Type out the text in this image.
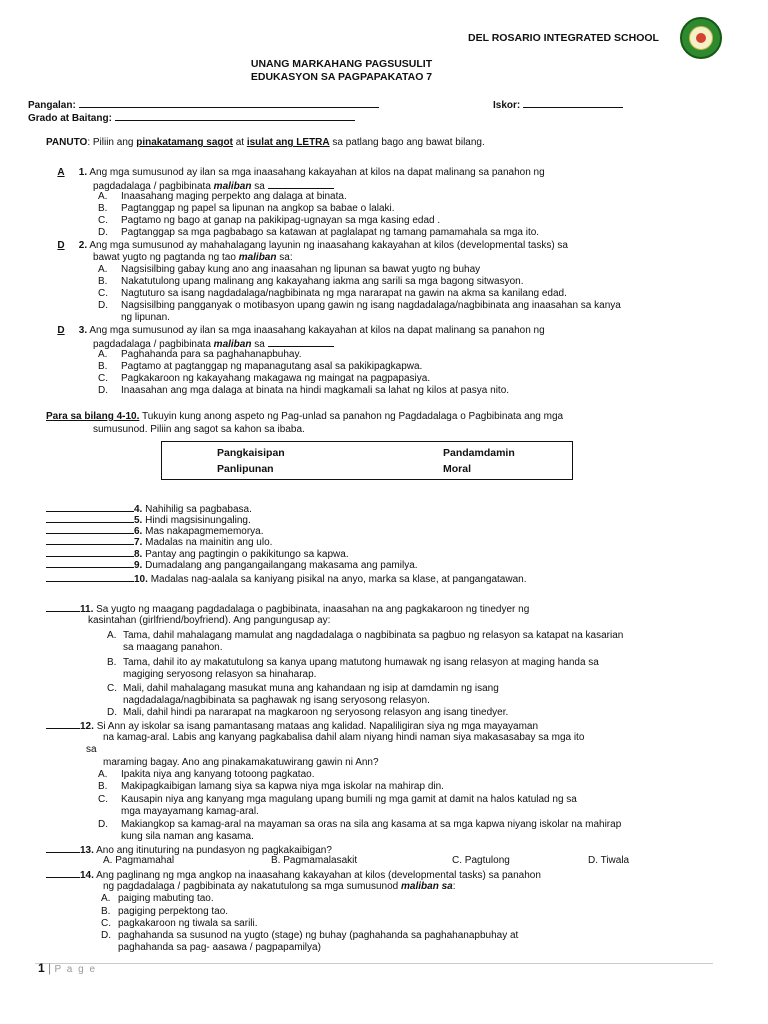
DEL ROSARIO INTEGRATED SCHOOL
UNANG MARKAHANG PAGSUSULIT
EDUKASYON SA PAGPAPAKATAO 7
Pangalan:	Iskor:
Grado at Baitang:
PANUTO: Piliin ang pinakatamang sagot at isulat ang LETRA sa patlang bago ang bawat bilang.
A 1. Ang mga sumusunod ay ilan sa mga inaasahang kakayahan at kilos na dapat malinang sa panahon ng
pagdadalaga / pagbibinata maliban sa
A. Inaasahang maging perpekto ang dalaga at binata.
B. Pagtanggap ng papel sa lipunan na angkop sa babae o lalaki.
C. Pagtamo ng bago at ganap na pakikipag-ugnayan sa mga kasing edad .
D. Pagtanggap sa mga pagbabago sa katawan at paglalapat ng tamang pamamahala sa mga ito.
D 2. Ang mga sumusunod ay mahahalagang layunin ng inaasahang kakayahan at kilos (developmental tasks) sa
bawat yugto ng pagtanda ng tao maliban sa:
A. Nagsisilbing gabay kung ano ang inaasahan ng lipunan sa bawat yugto ng buhay
B. Nakatutulong upang malinang ang kakayahang iakma ang sarili sa mga bagong sitwasyon.
C. Nagtuturo sa isang nagdadalaga/nagbibinata ng mga nararapat na gawin na akma sa kanilang edad.
D. Nagsisilbing pangganyak o motibasyon upang gawin ng isang nagdadalaga/nagbibinata ang inaasahan sa kanya
ng lipunan.
D 3. Ang mga sumusunod ay ilan sa mga inaasahang kakayahan at kilos na dapat malinang sa panahon ng
pagdadalaga / pagbibinata maliban sa
A. Paghahanda para sa paghahanapbuhay.
B. Pagtamo at pagtanggap ng mapanagutang asal sa pakikipagkapwa.
C. Pagkakaroon ng kakayahang makagawa ng maingat na pagpapasiya.
D. Inaasahan ang mga dalaga at binata na hindi magkamali sa lahat ng kilos at pasya nito.
Para sa bilang 4-10. Tukuyin kung anong aspeto ng Pag-unlad sa panahon ng Pagdadalaga o Pagbibinata ang mga
sumusunod. Piliin ang sagot sa kahon sa ibaba.
Pangkaisipan	Pandamdamin
Panlipunan	Moral
4. Nahihilig sa pagbabasa.
5. Hindi magsisinungaling.
6. Mas nakapagmememorya.
7. Madalas na mainitin ang ulo.
8. Pantay ang pagtingin o pakikitungo sa kapwa.
9. Dumadalang ang pangangailangang makasama ang pamilya.
10. Madalas nag-aalala sa kaniyang pisikal na anyo, marka sa klase, at pangangatawan.
11. Sa yugto ng maagang pagdadalaga o pagbibinata, inaasahan na ang pagkakaroon ng tinedyer ng
kasintahan (girlfriend/boyfriend). Ang pangungusap ay:
A. Tama, dahil mahalagang mamulat ang nagdadalaga o nagbibinata sa pagbuo ng relasyon sa katapat na kasarian
sa maagang panahon.
B. Tama, dahil ito ay makatutulong sa kanya upang matutong humawak ng isang relasyon at maging handa sa
magiging seryosong relasyon sa hinaharap.
C. Mali, dahil mahalagang masukat muna ang kahandaan ng isip at damdamin ng isang
nagdadalaga/nagbibinata sa paghawak ng isang seryosong relasyon.
D. Mali, dahil hindi pa nararapat na magkaroon ng seryosong relasyon ang isang tinedyer.
12. Si Ann ay iskolar sa isang pamantasang mataas ang kalidad. Napaliligiran siya ng mga mayayaman
na kamag-aral. Labis ang kanyang pagkabalisa dahil alam niyang hindi naman siya makasasabay sa mga ito
sa
maraming bagay. Ano ang pinakamakatuwirang gawin ni Ann?
A. Ipakita niya ang kanyang totoong pagkatao.
B. Makipagkaibigan lamang siya sa kapwa niya mga iskolar na mahirap din.
C. Kausapin niya ang kanyang mga magulang upang bumili ng mga gamit at damit na halos katulad ng sa
mga mayayamang kamag-aral.
D. Makiangkop sa kamag-aral na mayaman sa oras na sila ang kasama at sa mga kapwa niyang iskolar na mahirap
kung sila naman ang kasama.
13. Ano ang itinuturing na pundasyon ng pagkakaibigan?
A. Pagmamahal	B. Pagmamalasakit	C. Pagtulong	D. Tiwala
14. Ang paglinang ng mga angkop na inaasahang kakayahan at kilos (developmental tasks) sa panahon
ng pagdadalaga / pagbibinata ay nakatutulong sa mga sumusunod maliban sa:
A. paiging mabuting tao.
B. pagiging perpektong tao.
C. pagkakaroon ng tiwala sa sarili.
D. paghahanda sa susunod na yugto (stage) ng buhay (paghahanda sa paghahanapbuhay at
paghahanda sa pag- aasawa / pagpapamilya)
1 | P a g e
